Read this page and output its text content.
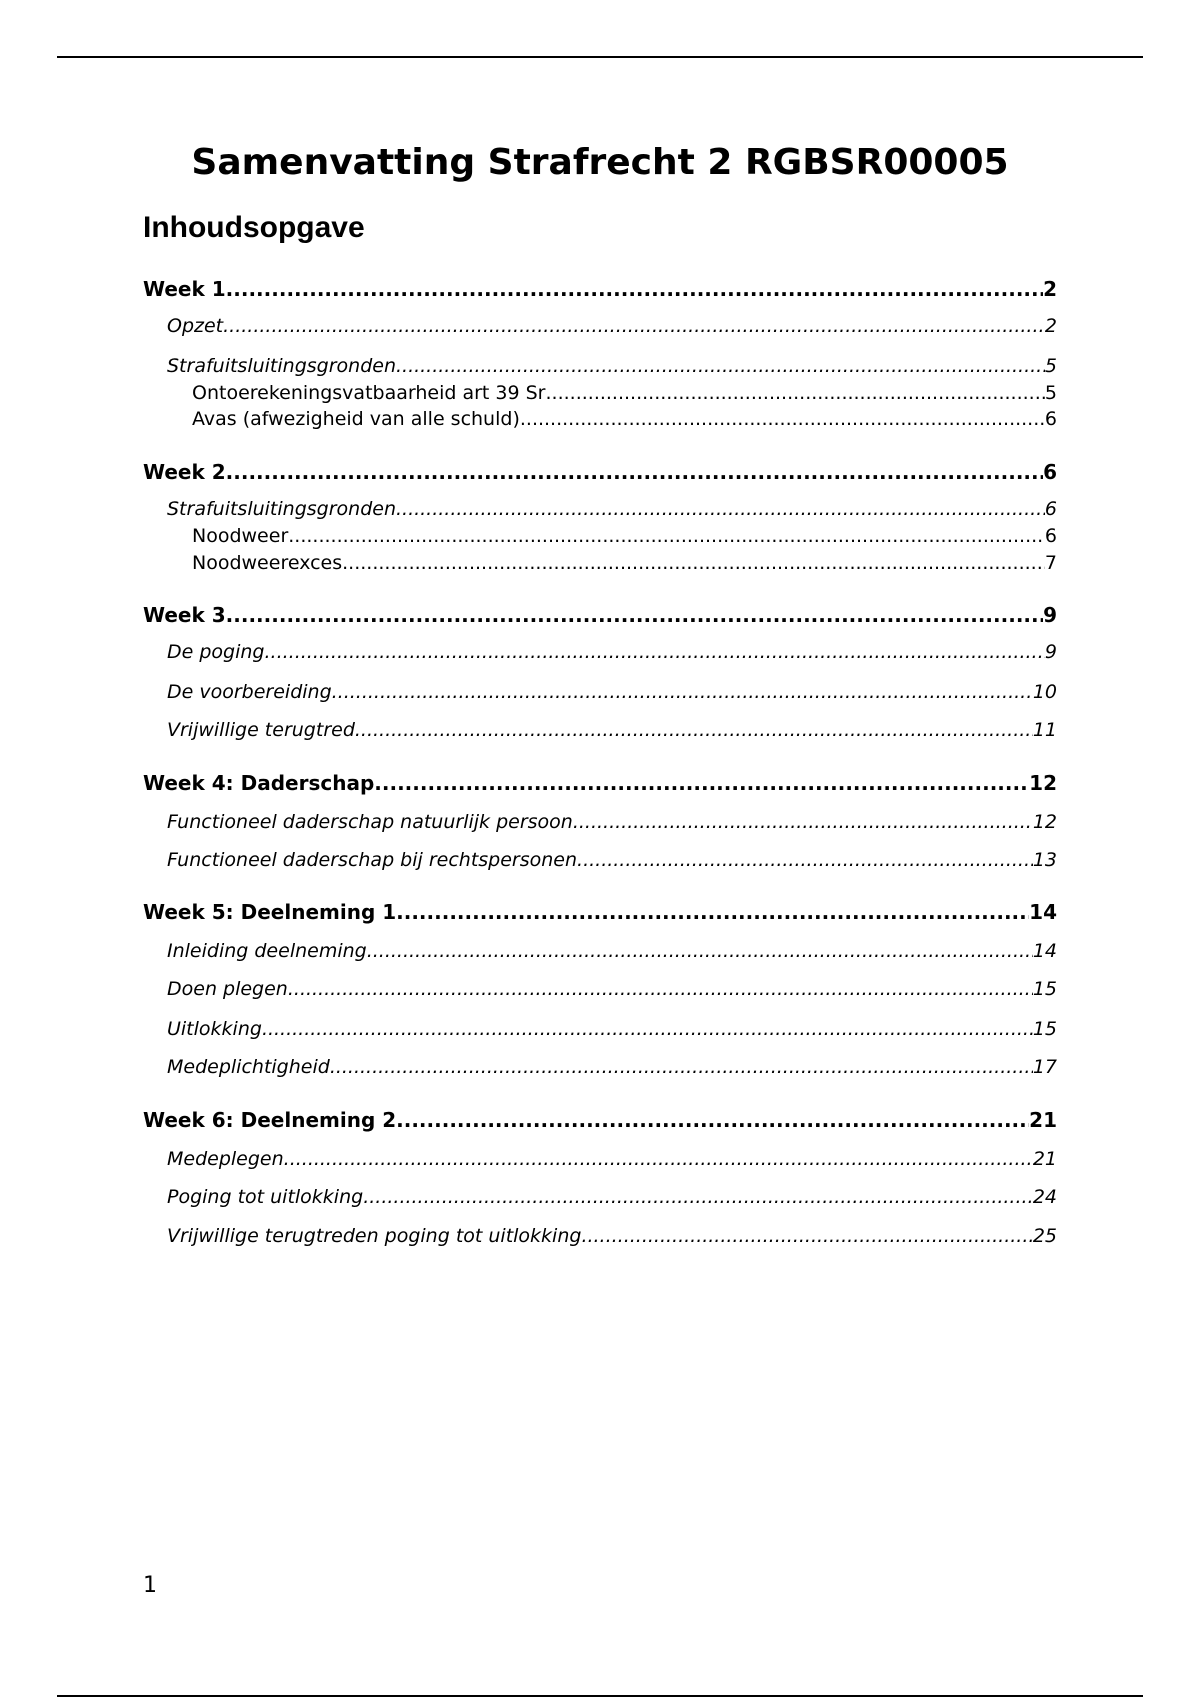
Samenvatting Strafrecht 2 RGBSR00005
Inhoudsopgave
Week 1 .....	2
Opzet .....	2
Strafuitsluitingsgronden .....	5
Ontoerekeningsvatbaarheid art 39 Sr .....	5
Avas (afwezigheid van alle schuld) .....	6
Week 2 .....	6
Strafuitsluitingsgronden .....	6
Noodweer .....	6
Noodweerexces .....	7
Week 3 .....	9
De poging .....	9
De voorbereiding .....	10
Vrijwillige terugtred .....	11
Week 4: Daderschap .....	12
Functioneel daderschap natuurlijk persoon .....	12
Functioneel daderschap bij rechtspersonen .....	13
Week 5: Deelneming 1 .....	14
Inleiding deelneming .....	14
Doen plegen .....	15
Uitlokking .....	15
Medeplichtigheid .....	17
Week 6: Deelneming 2 .....	21
Medeplegen .....	21
Poging tot uitlokking .....	24
Vrijwillige terugtreden poging tot uitlokking .....	25
1
